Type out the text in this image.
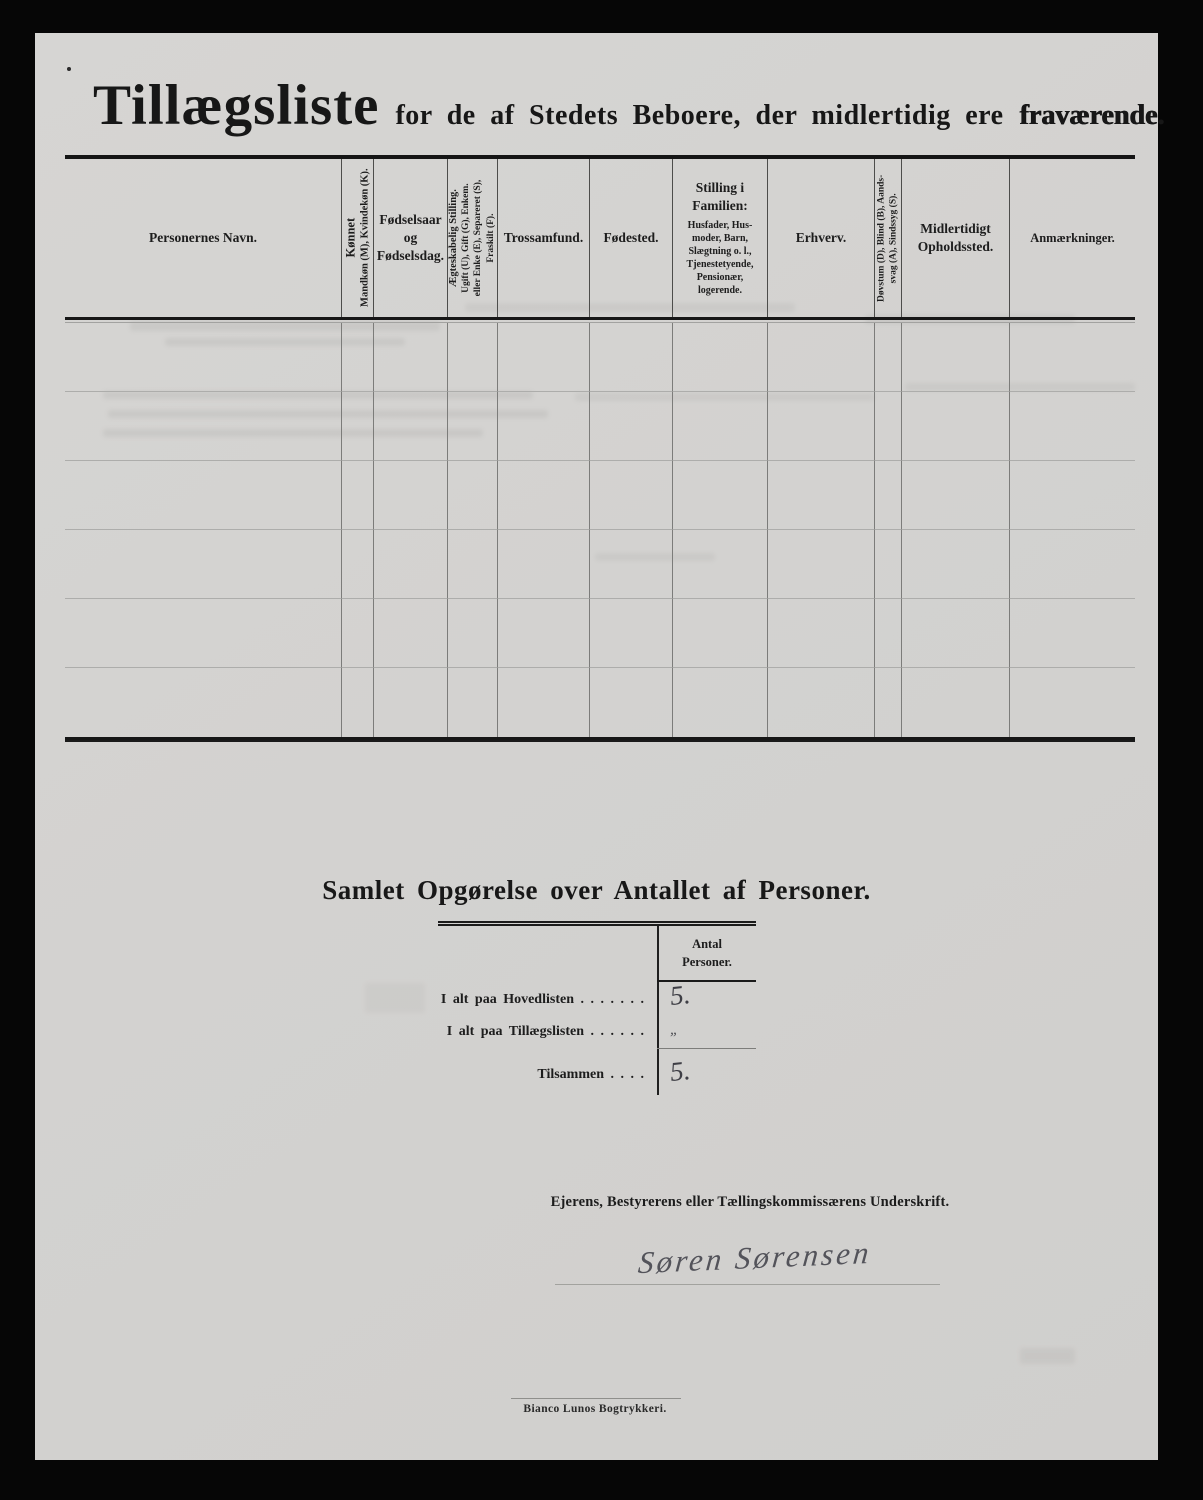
Tillægsliste for de af Stedets Beboere, der midlertidig ere fraværende.
Personernes Navn.	Kønnet Mandkøn (M), Kvindekøn (K). Fødselsaar
og
Fødselsdag. Ægteskabelig Stilling. Ugift (U), Gift (G), Enkem. eller Enke (E), Separeret (S), Fraskilt (F). Trossamfund. Fødested.
Stilling i
Familien:
Husfader, Hus-
moder, Barn,
Slægtning o. l.,
Tjenestetyende,
Pensionær,
logerende.
Erhverv.	Døvstum (D), Blind (B), Aands- svag (A), Sindssyg (S). Midlertidigt
Opholdssted.
Anmærkninger.
Samlet Opgørelse over Antallet af Personer.
Antal
Personer.
I alt paa Hovedlisten . . . . . . .
I alt paa Tillægslisten . . . . . .
Tilsammen . . . .
5.
„
5.
Ejerens, Bestyrerens eller Tællingskommissærens Underskrift.
Søren Sørensen
Bianco Lunos Bogtrykkeri.
